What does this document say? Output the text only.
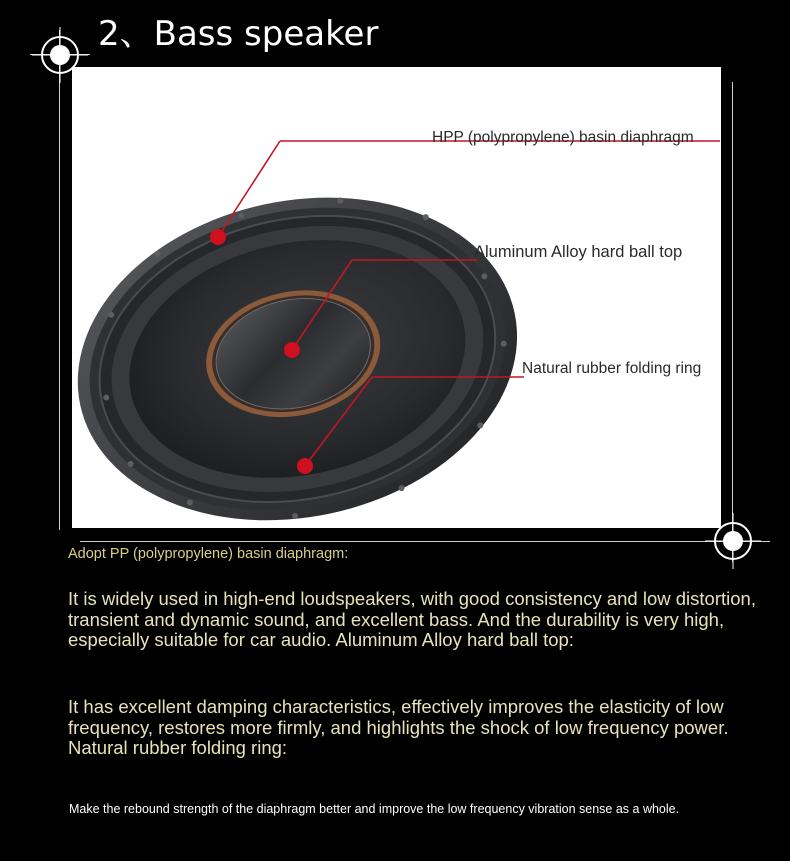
2、Bass speaker
HPP (polypropylene) basin diaphragm
Aluminum Alloy hard ball top
Natural rubber folding ring
Adopt PP (polypropylene) basin diaphragm:
It is widely used in high-end loudspeakers, with good consistency and low distortion, transient and dynamic sound, and excellent bass. And the durability is very high, especially suitable for car audio. Aluminum Alloy hard ball top:
It has excellent damping characteristics, effectively improves the elasticity of low frequency, restores more firmly, and highlights the shock of low frequency power. Natural rubber folding ring:
Make the rebound strength of the diaphragm better and improve the low frequency vibration sense as a whole.
